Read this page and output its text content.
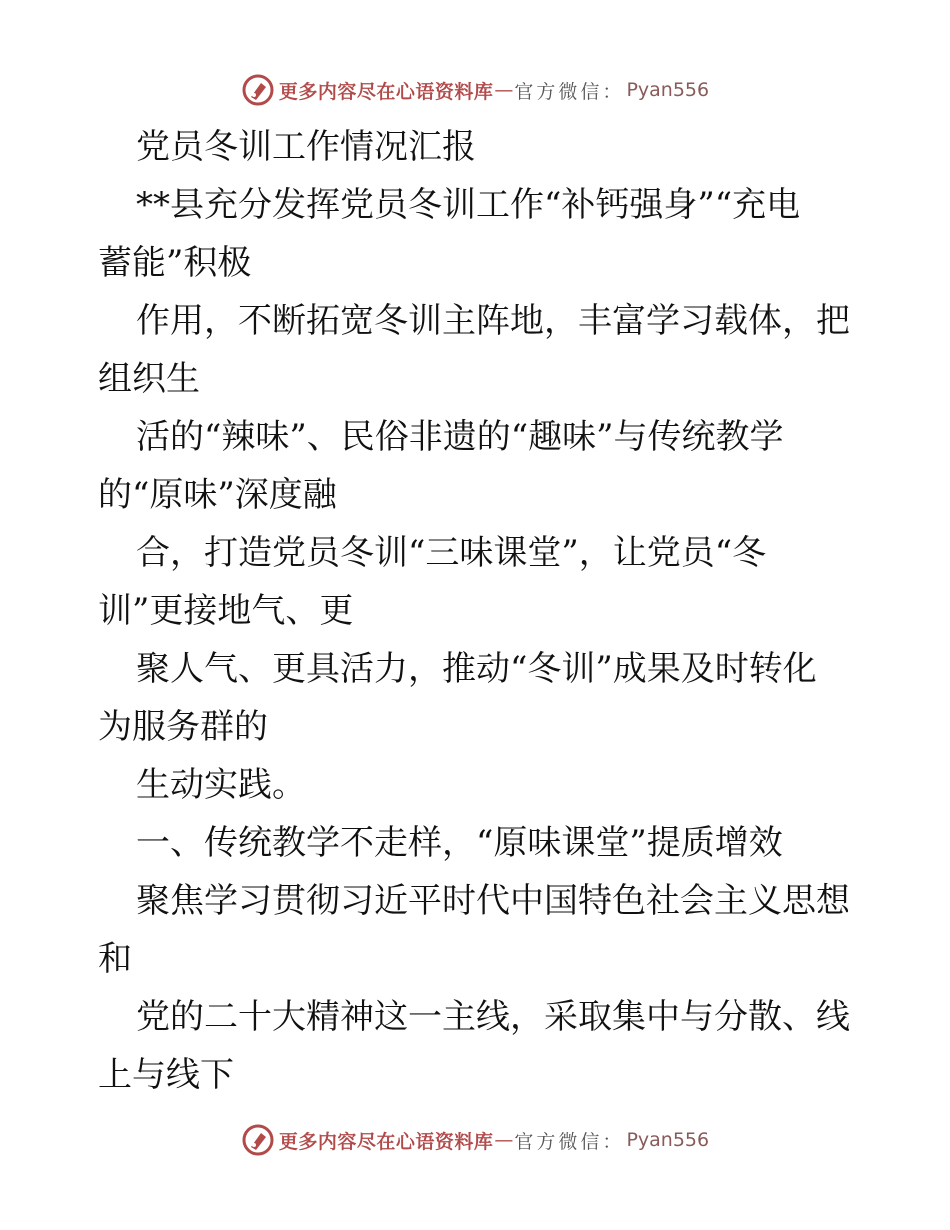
更多内容尽在心语资料库 — 官方微信： Pyan556
党员冬训工作情况汇报
**县充分发挥党员冬训工作“补钙强身”“充电
蓄能”积极
作用，不断拓宽冬训主阵地，丰富学习载体，把
组织生
活的“辣味”、民俗非遗的“趣味”与传统教学
的“原味”深度融
合，打造党员冬训“三味课堂”，让党员“冬
训”更接地气、更
聚人气、更具活力，推动“冬训”成果及时转化
为服务群的
生动实践。
一、传统教学不走样，“原味课堂”提质增效
聚焦学习贯彻习近平时代中国特色社会主义思想
和
党的二十大精神这一主线，采取集中与分散、线
上与线下
更多内容尽在心语资料库 — 官方微信： Pyan556
